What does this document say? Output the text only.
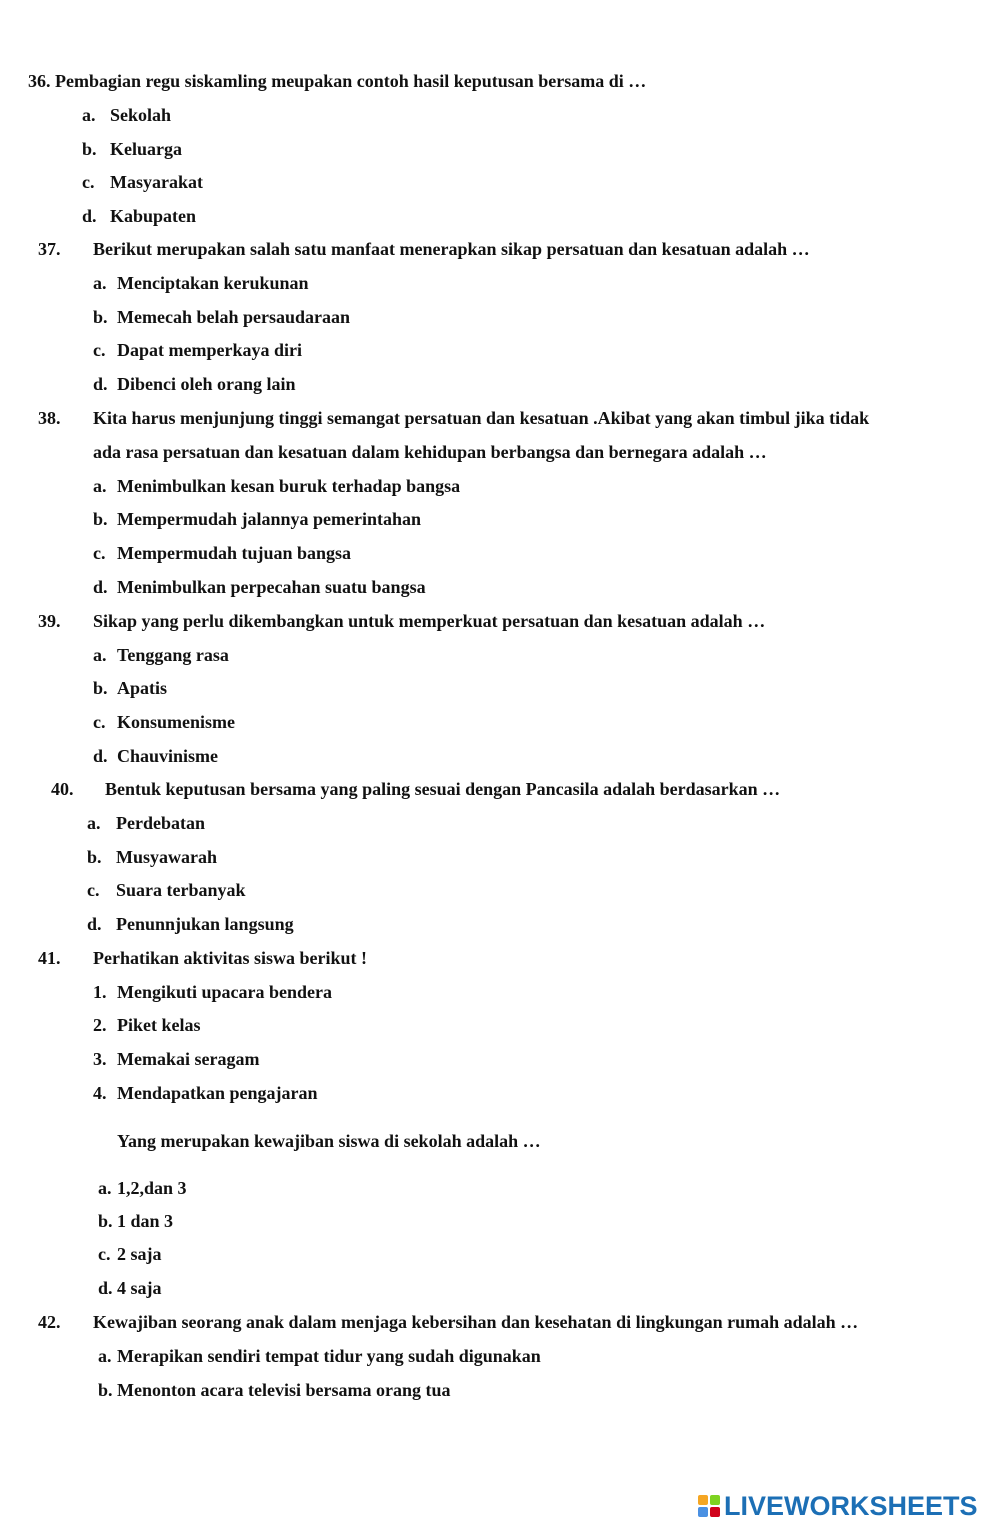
36. Pembagian regu siskamling meupakan contoh hasil keputusan bersama di …
a. Sekolah
b. Keluarga
c. Masyarakat
d. Kabupaten
37. Berikut merupakan salah satu manfaat menerapkan sikap persatuan dan kesatuan adalah …
a. Menciptakan kerukunan
b. Memecah belah persaudaraan
c. Dapat memperkaya diri
d. Dibenci oleh orang lain
38. Kita harus menjunjung tinggi semangat persatuan dan kesatuan .Akibat yang akan timbul jika tidak
ada rasa persatuan dan kesatuan dalam kehidupan berbangsa dan bernegara adalah …
a. Menimbulkan kesan buruk terhadap bangsa
b. Mempermudah jalannya pemerintahan
c. Mempermudah tujuan bangsa
d. Menimbulkan perpecahan suatu bangsa
39. Sikap yang perlu dikembangkan untuk memperkuat persatuan dan kesatuan adalah …
a. Tenggang rasa
b. Apatis
c. Konsumenisme
d. Chauvinisme
40. Bentuk keputusan bersama yang paling sesuai dengan Pancasila adalah berdasarkan …
a. Perdebatan
b. Musyawarah
c. Suara terbanyak
d. Penunnjukan langsung
41. Perhatikan aktivitas siswa berikut !
1. Mengikuti upacara bendera
2. Piket kelas
3. Memakai seragam
4. Mendapatkan pengajaran
Yang merupakan kewajiban siswa di sekolah adalah …
a. 1,2,dan 3
b. 1 dan 3
c. 2 saja
d. 4 saja
42. Kewajiban seorang anak dalam menjaga kebersihan dan kesehatan di lingkungan rumah adalah …
a. Merapikan sendiri tempat tidur yang sudah digunakan
b. Menonton acara televisi bersama orang tua
LIVEWORKSHEETS
